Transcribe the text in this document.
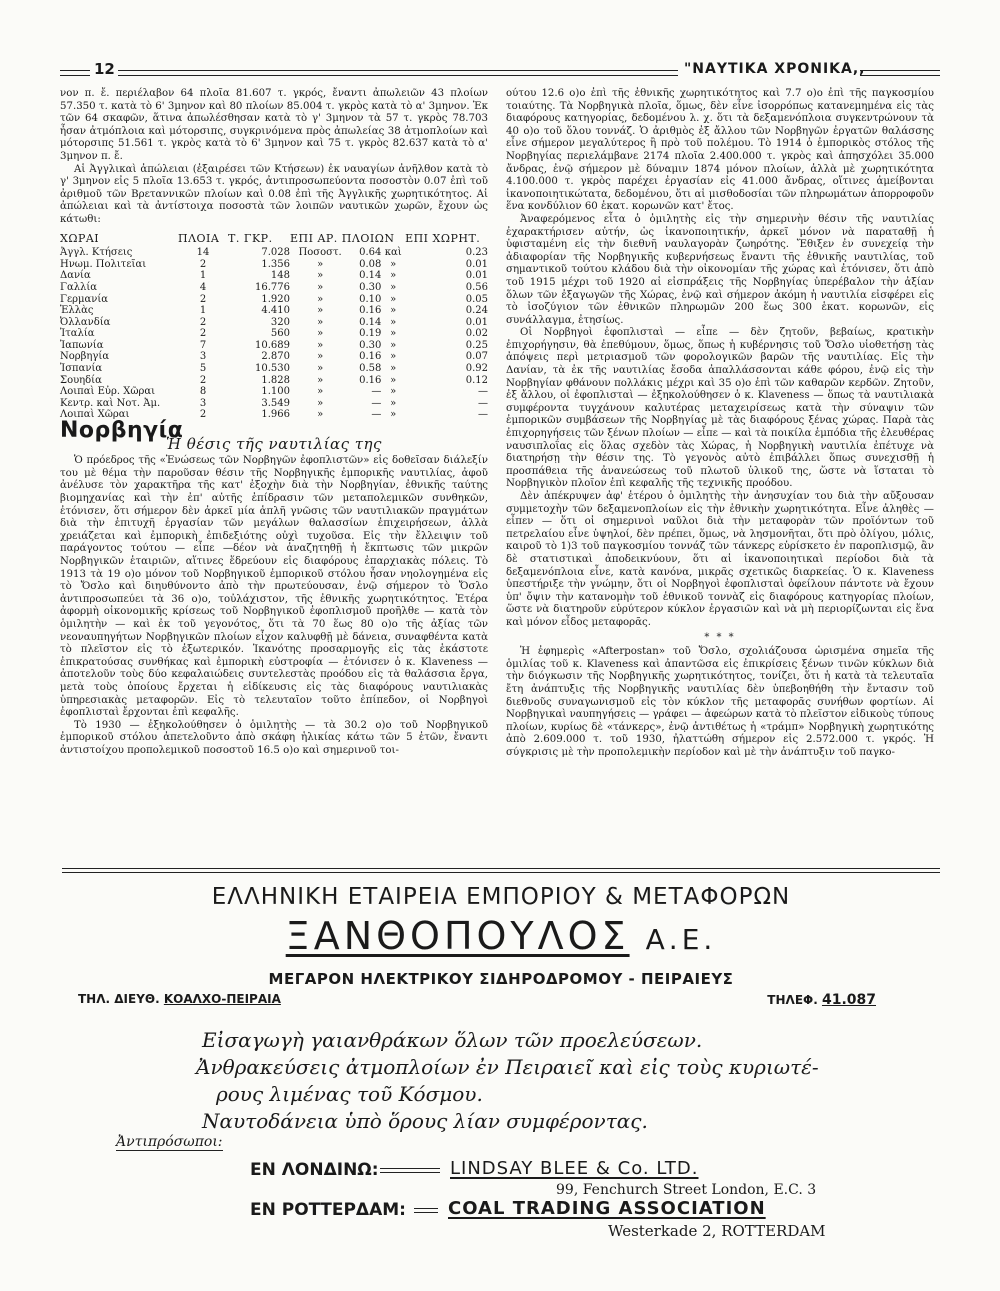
12	"ΝΑΥΤΙΚΑ ΧΡΟΝΙΚΑ,,

νον π. ἔ. περιέλαβον 64 πλοῖα 81.607 τ. γκρός, ἔναντι ἀπωλειῶν 43 πλοίων 57.350 τ. κατὰ τὸ 6' 3μηνον καὶ 80 πλοίων 85.004 τ. γκρὸς κατὰ τὸ α' 3μηνον. Ἐκ τῶν 64 σκαφῶν, ἅτινα ἀπωλέσθησαν κατὰ τὸ γ' 3μηνον τὰ 57 τ. γκρὸς 78.703 ἦσαν ἀτμόπλοια καὶ μότορσιπς, συγκρινόμενα πρὸς ἀπωλείας 38 ἀτμοπλοίων καὶ μότορσιπς 51.561 τ. γκρὸς κατὰ τὸ 6' 3μηνον καὶ 75 τ. γκρὸς 82.637 κατὰ τὸ α' 3μηνον π. ἔ.

Αἱ Ἀγγλικαὶ ἀπώλειαι (ἐξαιρέσει τῶν Κτήσεων) ἐκ ναυαγίων ἀνῆλθον κατὰ τὸ γ' 3μηνον εἰς 5 πλοῖα 13.653 τ. γκρός, ἀντιπροσωπεύοντα ποσοστὸν 0.07 ἐπὶ τοῦ ἀριθμοῦ τῶν Βρεταννικῶν πλοίων καὶ 0.08 ἐπὶ τῆς Ἀγγλικῆς χωρητικότητος. Αἱ ἀπώλειαι καὶ τὰ ἀντίστοιχα ποσοστὰ τῶν λοιπῶν ναυτικῶν χωρῶν, ἔχουν ὡς κάτωθι:

ΧΩΡΑΙ	ΠΛΟΙΑ	Τ. ΓΚΡ.	ΕΠΙ ΑΡ. ΠΛΟΙΩΝ			ΕΠΙ ΧΩΡΗΤ.
Ἀγγλ. Κτήσεις	14	7.028	Ποσοστ.	0.64	καὶ	0.23
Ηνωμ. Πολιτεῖαι	2	1.356	»	0.08	»	0.01
Δανία	1	148	»	0.14	»	0.01
Γαλλία	4	16.776	»	0.30	»	0.56
Γερμανία	2	1.920	»	0.10	»	0.05
Ἑλλὰς	1	4.410	»	0.16	»	0.24
Ὀλλανδία	2	320	»	0.14	»	0.01
Ἰταλία	2	560	»	0.19	»	0.02
Ἰαπωνία	7	10.689	»	0.30	»	0.25
Νορβηγία	3	2.870	»	0.16	»	0.07
Ἰσπανία	5	10.530	»	0.58	»	0.92
Σουηδία	2	1.828	»	0.16	»	0.12
Λοιπαὶ Εὐρ. Χῶραι	8	1.100	»	—	»	—
Κεντρ. καὶ Νοτ. Ἀμ.	3	3.549	»	—	»	—
Λοιπαὶ Χῶραι	2	1.966	»	—	»	—
Νορβηγία
Ἡ θέσις τῆς ναυτιλίας της

Ὁ πρόεδρος τῆς «Ἑνώσεως τῶν Νορβηγῶν ἐφοπλιστῶν» εἰς δοθεῖσαν διάλεξίν του μὲ θέμα τὴν παροῦσαν θέσιν τῆς Νορβηγικῆς ἐμπορικῆς ναυτιλίας, ἀφοῦ ἀνέλυσε τὸν χαρακτῆρα τῆς κατ' ἐξοχὴν διὰ τὴν Νορβηγίαν, ἐθνικῆς ταύτης βιομηχανίας καὶ τὴν ἐπ' αὐτῆς ἐπίδρασιν τῶν μεταπολεμικῶν συνθηκῶν, ἐτόνισεν, ὅτι σήμερον δὲν ἀρκεῖ μία ἁπλῆ γνῶσις τῶν ναυτιλιακῶν πραγμάτων διὰ τὴν ἐπιτυχῆ ἐργασίαν τῶν μεγάλων θαλασσίων ἐπιχειρήσεων, ἀλλὰ χρειάζεται καὶ ἐμπορικὴ ἐπιδεξιότης οὐχὶ τυχοῦσα. Εἰς τὴν ἔλλειψιν τοῦ παράγοντος τούτου — εἶπε —δέον νὰ ἀναζητηθῇ ἡ ἔκπτωσις τῶν μικρῶν Νορβηγικῶν ἑταιριῶν, αἵτινες ἕδρεύουν εἰς διαφόρους ἐπαρχιακὰς πόλεις. Τὸ 1913 τὰ 19 ο)ο μόνον τοῦ Νορβηγικοῦ ἐμπορικοῦ στόλου ἦσαν νηολογημένα εἰς τὸ Ὄσλο καὶ διηυθύνοντο ἀπὸ τὴν πρωτεύουσαν, ἐνῷ σήμερον τὸ Ὄσλο ἀντιπροσωπεύει τὰ 36 ο)ο, τοὐλάχιστον, τῆς ἐθνικῆς χωρητικότητος. Ἑτέρα ἀφορμὴ οἰκονομικῆς κρίσεως τοῦ Νορβηγικοῦ ἐφοπλισμοῦ προῆλθε — κατὰ τὸν ὁμιλητὴν — καὶ ἐκ τοῦ γεγονότος, ὅτι τὰ 70 ἕως 80 ο)ο τῆς ἀξίας τῶν νεοναυπηγήτων Νορβηγικῶν πλοίων εἶχον καλυφθῇ μὲ δάνεια, συναφθέντα κατὰ τὸ πλεῖστον εἰς τὸ ἐξωτερικόν. Ἱκανότης προσαρμογῆς εἰς τὰς ἑκάστοτε ἐπικρατούσας συνθήκας καὶ ἐμπορικὴ εὐστροφία — ἐτόνισεν ὁ κ. Klaveness — ἀποτελοῦν τοὺς δύο κεφαλαιώδεις συντελεστὰς προόδου εἰς τὰ θαλάσσια ἔργα, μετὰ τοὺς ὁποίους ἔρχεται ἡ εἰδίκευσις εἰς τὰς διαφόρους ναυτιλιακὰς ὑπηρεσιακὰς μεταφορῶν. Εἰς τὸ τελευταῖον τοῦτο ἐπίπεδον, οἱ Νορβηγοὶ ἐφοπλισταὶ ἔρχονται ἐπὶ κεφαλῆς.

Τὸ 1930 — ἐξηκολούθησεν ὁ ὁμιλητὴς — τὰ 30.2 ο)ο τοῦ Νορβηγικοῦ ἐμπορικοῦ στόλου ἀπετελοῦντο ἀπὸ σκάφη ἡλικίας κάτω τῶν 5 ἐτῶν, ἔναντι ἀντιστοίχου προπολεμικοῦ ποσοστοῦ 16.5 ο)ο καὶ σημερινοῦ τοι-

ούτου 12.6 ο)ο ἐπὶ τῆς ἐθνικῆς χωρητικότητος καὶ 7.7 ο)ο ἐπὶ τῆς παγκοσμίου τοιαύτης. Τὰ Νορβηγικὰ πλοῖα, ὅμως, δὲν εἶνε ἰσορρόπως κατανεμημένα εἰς τὰς διαφόρους κατηγορίας, δεδομένου λ. χ. ὅτι τὰ δεξαμενόπλοια συγκεντρώνουν τὰ 40 ο)ο τοῦ ὅλου τοννάζ. Ὁ ἀριθμὸς ἐξ ἄλλου τῶν Νορβηγῶν ἐργατῶν θαλάσσης εἶνε σήμερον μεγαλύτερος ἢ πρὸ τοῦ πολέμου. Τὸ 1914 ὁ ἐμπορικὸς στόλος τῆς Νορβηγίας περιελάμβανε 2174 πλοῖα 2.400.000 τ. γκρὸς καὶ ἀπησχόλει 35.000 ἄνδρας, ἐνῷ σήμερον μὲ δύναμιν 1874 μόνον πλοίων, ἀλλὰ μὲ χωρητικότητα 4.100.000 τ. γκρὸς παρέχει ἐργασίαν εἰς 41.000 ἄνδρας, οἵτινες ἀμείβονται ἱκανοποιητικώτατα, δεδομένου, ὅτι αἱ μισθοδοσίαι τῶν πληρωμάτων ἀπορροφοῦν ἕνα κονδύλιον 60 ἑκατ. κορωνῶν κατ' ἔτος.

Ἀναφερόμενος εἶτα ὁ ὁμιλητὴς εἰς τὴν σημερινὴν θέσιν τῆς ναυτιλίας ἐχαρακτήρισεν αὐτήν, ὡς ἱκανοποιητικήν, ἀρκεῖ μόνον νὰ παραταθῇ ἡ ὑφισταμένη εἰς τὴν διεθνῆ ναυλαγορὰν ζωηρότης. Ἔθιξεν ἐν συνεχείᾳ τὴν ἀδιαφορίαν τῆς Νορβηγικῆς κυβερνήσεως ἔναντι τῆς ἐθνικῆς ναυτιλίας, τοῦ σημαντικοῦ τούτου κλάδου διὰ τὴν οἰκονομίαν τῆς χώρας καὶ ἐτόνισεν, ὅτι ἀπὸ τοῦ 1915 μέχρι τοῦ 1920 αἱ εἰσπράξεις τῆς Νορβηγίας ὑπερέβαλον τὴν ἀξίαν ὅλων τῶν ἐξαγωγῶν τῆς Χώρας, ἐνῷ καὶ σήμερον ἀκόμη ἡ ναυτιλία εἰσφέρει εἰς τὸ ἰσοζύγιον τῶν ἐθνικῶν πληρωμῶν 200 ἕως 300 ἑκατ. κορωνῶν, εἰς συνάλλαγμα, ἐτησίως.

Οἱ Νορβηγοὶ ἐφοπλισταὶ — εἶπε — δὲν ζητοῦν, βεβαίως, κρατικὴν ἐπιχορήγησιν, θὰ ἐπεθύμουν, ὅμως, ὅπως ἡ κυβέρνησις τοῦ Ὄσλο υἱοθετήσῃ τὰς ἀπόψεις περὶ μετριασμοῦ τῶν φορολογικῶν βαρῶν τῆς ναυτιλίας. Εἰς τὴν Δανίαν, τὰ ἐκ τῆς ναυτιλίας ἔσοδα ἀπαλλάσσονται κάθε φόρου, ἐνῷ εἰς τὴν Νορβηγίαν φθάνουν πολλάκις μέχρι καὶ 35 ο)ο ἐπὶ τῶν καθαρῶν κερδῶν. Ζητοῦν, ἐξ ἄλλου, οἱ ἐφοπλισταὶ — ἐξηκολούθησεν ὁ κ. Klaveness — ὅπως τὰ ναυτιλιακὰ συμφέροντα τυγχάνουν καλυτέρας μεταχειρίσεως κατὰ τὴν σύναψιν τῶν ἐμπορικῶν συμβάσεων τῆς Νορβηγίας μὲ τὰς διαφόρους ξένας χώρας. Παρὰ τὰς ἐπιχορηγήσεις τῶν ξένων πλοίων — εἶπε — καὶ τὰ ποικίλα ἐμπόδια τῆς ἐλευθέρας ναυσιπλοΐας εἰς ὅλας σχεδὸν τὰς Χώρας, ἡ Νορβηγικὴ ναυτιλία ἐπέτυχε νὰ διατηρήσῃ τὴν θέσιν της. Τὸ γεγονὸς αὐτὸ ἐπιβάλλει ὅπως συνεχισθῇ ἡ προσπάθεια τῆς ἀνανεώσεως τοῦ πλωτοῦ ὑλικοῦ της, ὥστε νὰ ἵσταται τὸ Νορβηγικὸν πλοῖον ἐπὶ κεφαλῆς τῆς τεχνικῆς προόδου.

Δὲν ἀπέκρυψεν ἀφ' ἑτέρου ὁ ὁμιλητὴς τὴν ἀνησυχίαν του διὰ τὴν αὔξουσαν συμμετοχὴν τῶν δεξαμενοπλοίων εἰς τὴν ἐθνικὴν χωρητικότητα. Εἶνε ἀληθὲς — εἶπεν — ὅτι οἱ σημερινοὶ ναῦλοι διὰ τὴν μεταφορὰν τῶν προϊόντων τοῦ πετρελαίου εἶνε ὑψηλοί, δὲν πρέπει, ὅμως, νὰ λησμονῆται, ὅτι πρὸ ὀλίγου, μόλις, καιροῦ τὸ 1)3 τοῦ παγκοσμίου τοννάζ τῶν τάνκερς εὑρίσκετο ἐν παροπλισμῷ, ἂν δὲ στατιστικαὶ ἀποδεικνύουν, ὅτι αἱ ἱκανοποιητικαὶ περίοδοι διὰ τὰ δεξαμενόπλοια εἶνε, κατὰ κανόνα, μικρᾶς σχετικῶς διαρκείας. Ὁ κ. Klaveness ὑπεστήριξε τὴν γνώμην, ὅτι οἱ Νορβηγοὶ ἐφοπλισταὶ ὀφείλουν πάντοτε νὰ ἔχουν ὑπ' ὄψιν τὴν κατανομὴν τοῦ ἐθνικοῦ τοννὰζ εἰς διαφόρους κατηγορίας πλοίων, ὥστε νὰ διατηροῦν εὐρύτερον κύκλον ἐργασιῶν καὶ νὰ μὴ περιορίζωνται εἰς ἕνα καὶ μόνον εἶδος μεταφορᾶς.

* * *

Ἡ ἐφημερὶς «Afterpostan» τοῦ Ὄσλο, σχολιάζουσα ὡρισμένα σημεῖα τῆς ὁμιλίας τοῦ κ. Klaveness καὶ ἀπαντῶσα εἰς ἐπικρίσεις ξένων τινῶν κύκλων διὰ τὴν διόγκωσιν τῆς Νορβηγικῆς χωρητικότητος, τονίζει, ὅτι ἡ κατὰ τὰ τελευταῖα ἔτη ἀνάπτυξις τῆς Νορβηγικῆς ναυτιλίας δὲν ὑπεβοηθήθη τὴν ἔντασιν τοῦ διεθνοῦς συναγωνισμοῦ εἰς τὸν κύκλον τῆς μεταφορᾶς συνήθων φορτίων. Αἱ Νορβηγικαὶ ναυπηγήσεις — γράφει — ἀφεώρων κατὰ τὸ πλεῖστον εἰδικοὺς τύπους πλοίων, κυρίως δὲ «τάνκερς», ἐνῷ ἀντιθέτως ἡ «τράμπ» Νορβηγικὴ χωρητικότης ἀπὸ 2.609.000 τ. τοῦ 1930, ἠλαττώθη σήμερον εἰς 2.572.000 τ. γκρός. Ἡ σύγκρισις μὲ τὴν προπολεμικὴν περίοδον καὶ μὲ τὴν ἀνάπτυξιν τοῦ παγκο-

ΕΛΛΗΝΙΚΗ ΕΤΑΙΡΕΙΑ ΕΜΠΟΡΙΟΥ & ΜΕΤΑΦΟΡΩΝ
ΞΑΝΘΟΠΟΥΛΟΣ Α.Ε.
ΜΕΓΑΡΟΝ ΗΛΕΚΤΡΙΚΟΥ ΣΙΔΗΡΟΔΡΟΜΟΥ - ΠΕΙΡΑΙΕΥΣ
ΤΗΛ. ΔΙΕΥΘ. ΚΟΑΛΧΟ-ΠΕΙΡΑΙΑ	ΤΗΛΕΦ. 41.087
Εἰσαγωγὴ γαιανθράκων ὅλων τῶν προελεύσεων.
Ἀνθρακεύσεις ἀτμοπλοίων ἐν Πειραιεῖ καὶ εἰς τοὺς κυριωτέ-
ρους λιμένας τοῦ Κόσμου.
Ναυτοδάνεια ὑπὸ ὅρους λίαν συμφέροντας.
Ἀντιπρόσωποι:
ΕΝ ΛΟΝΔΙΝΩ:	LINDSAY BLEE & Co. LTD.
99, Fenchurch Street London, E.C. 3
ΕΝ ΡΟΤΤΕΡΔΑΜ: COAL TRADING ASSOCIATION
Westerkade 2, ROTTERDAM
